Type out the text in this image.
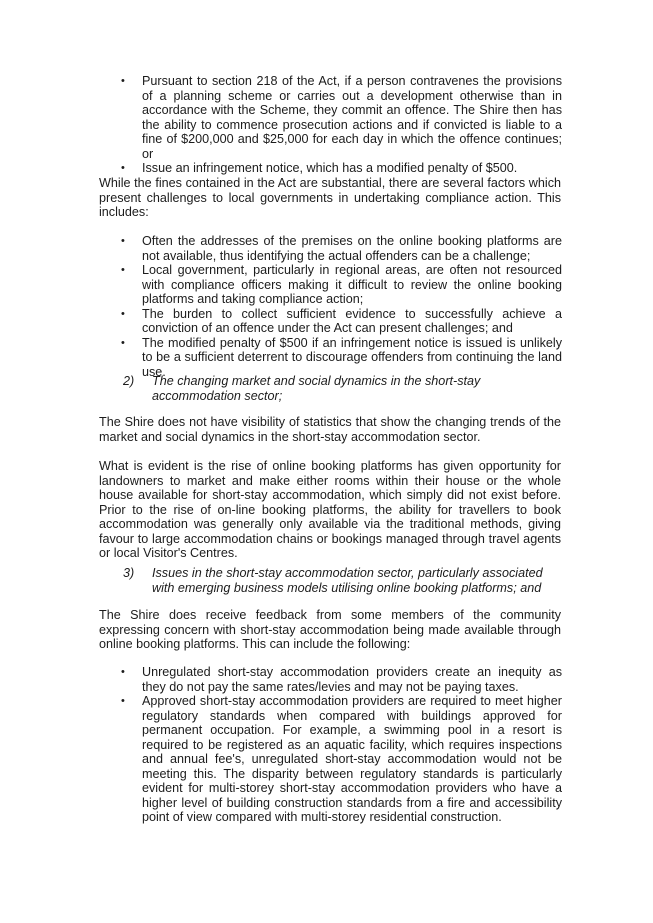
• Pursuant to section 218 of the Act, if a person contravenes the provisions of a planning scheme or carries out a development otherwise than in accordance with the Scheme, they commit an offence. The Shire then has the ability to commence prosecution actions and if convicted is liable to a fine of $200,000 and $25,000 for each day in which the offence continues; or
• Issue an infringement notice, which has a modified penalty of $500.

While the fines contained in the Act are substantial, there are several factors which present challenges to local governments in undertaking compliance action. This includes:

• Often the addresses of the premises on the online booking platforms are not available, thus identifying the actual offenders can be a challenge;
• Local government, particularly in regional areas, are often not resourced with compliance officers making it difficult to review the online booking platforms and taking compliance action;
• The burden to collect sufficient evidence to successfully achieve a conviction of an offence under the Act can present challenges; and
• The modified penalty of $500 if an infringement notice is issued is unlikely to be a sufficient deterrent to discourage offenders from continuing the land use.
2) The changing market and social dynamics in the short-stay accommodation sector;

The Shire does not have visibility of statistics that show the changing trends of the market and social dynamics in the short-stay accommodation sector.

What is evident is the rise of online booking platforms has given opportunity for landowners to market and make either rooms within their house or the whole house available for short-stay accommodation, which simply did not exist before. Prior to the rise of on-line booking platforms, the ability for travellers to book accommodation was generally only available via the traditional methods, giving favour to large accommodation chains or bookings managed through travel agents or local Visitor's Centres.

3) Issues in the short-stay accommodation sector, particularly associated with emerging business models utilising online booking platforms; and

The Shire does receive feedback from some members of the community expressing concern with short-stay accommodation being made available through online booking platforms. This can include the following:

• Unregulated short-stay accommodation providers create an inequity as they do not pay the same rates/levies and may not be paying taxes.
• Approved short-stay accommodation providers are required to meet higher regulatory standards when compared with buildings approved for permanent occupation. For example, a swimming pool in a resort is required to be registered as an aquatic facility, which requires inspections and annual fee's, unregulated short-stay accommodation would not be meeting this. The disparity between regulatory standards is particularly evident for multi-storey short-stay accommodation providers who have a higher level of building construction standards from a fire and accessibility point of view compared with multi-storey residential construction.
